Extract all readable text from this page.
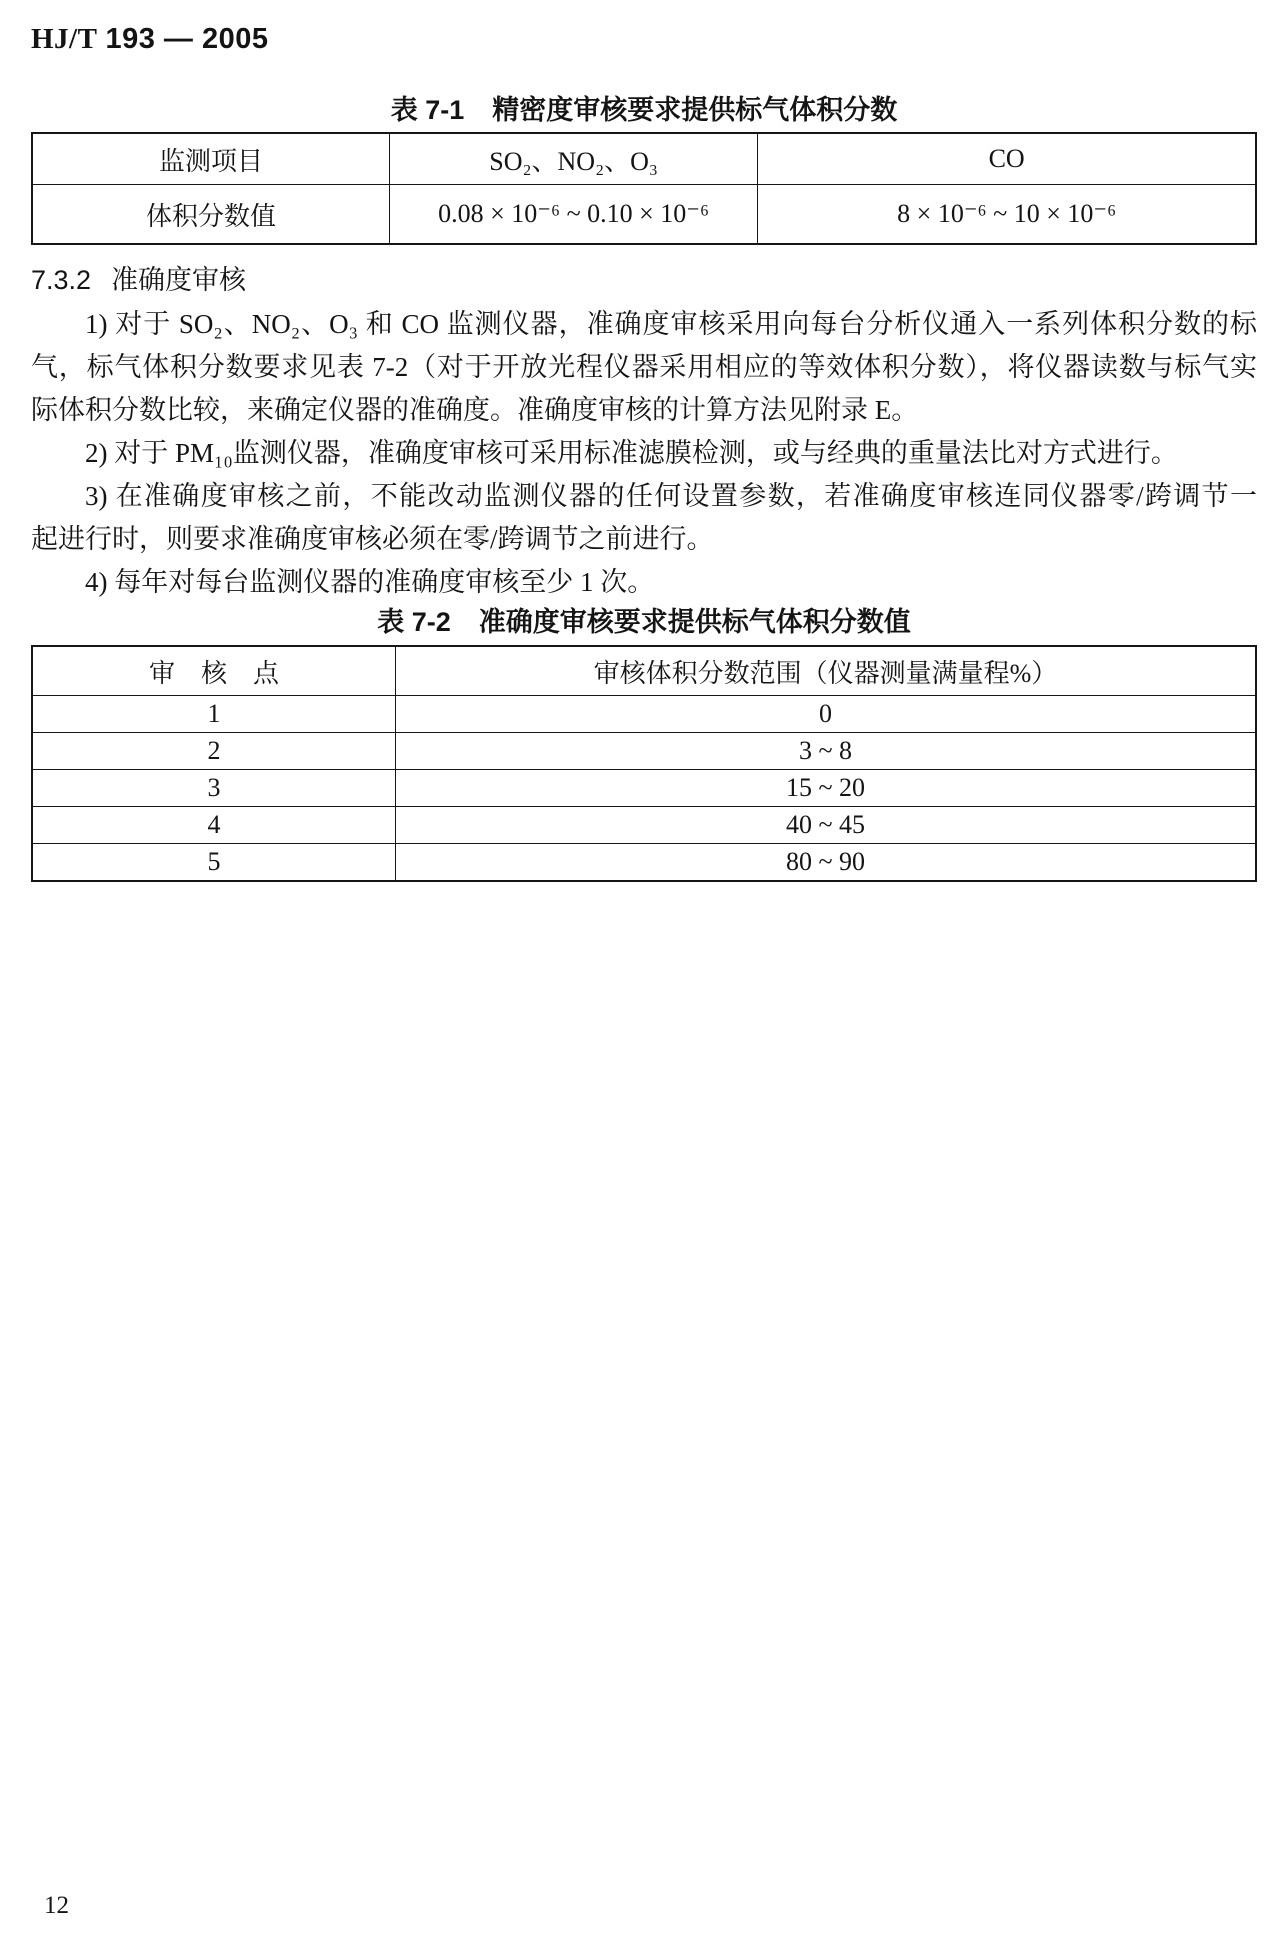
HJ/T 193 — 2005
表 7-1 精密度审核要求提供标气体积分数
监测项目	SO₂、NO₂、O₃	CO
体积分数值	0.08 × 10⁻⁶ ~ 0.10 × 10⁻⁶	8 × 10⁻⁶ ~ 10 × 10⁻⁶
7.3.2 准确度审核
1) 对于 SO₂、NO₂、O₃ 和 CO 监测仪器，准确度审核采用向每台分析仪通入一系列体积分数的标
气，标气体积分数要求见表 7-2（对于开放光程仪器采用相应的等效体积分数），将仪器读数与标气实
际体积分数比较，来确定仪器的准确度。准确度审核的计算方法见附录 E。
2) 对于 PM₁₀监测仪器，准确度审核可采用标准滤膜检测，或与经典的重量法比对方式进行。
3) 在准确度审核之前，不能改动监测仪器的任何设置参数，若准确度审核连同仪器零/跨调节一
起进行时，则要求准确度审核必须在零/跨调节之前进行。
4) 每年对每台监测仪器的准确度审核至少 1 次。
表 7-2 准确度审核要求提供标气体积分数值
审　核　点	审核体积分数范围（仪器测量满量程%）
1	0
2	3 ~ 8
3	15 ~ 20
4	40 ~ 45
5	80 ~ 90
12
